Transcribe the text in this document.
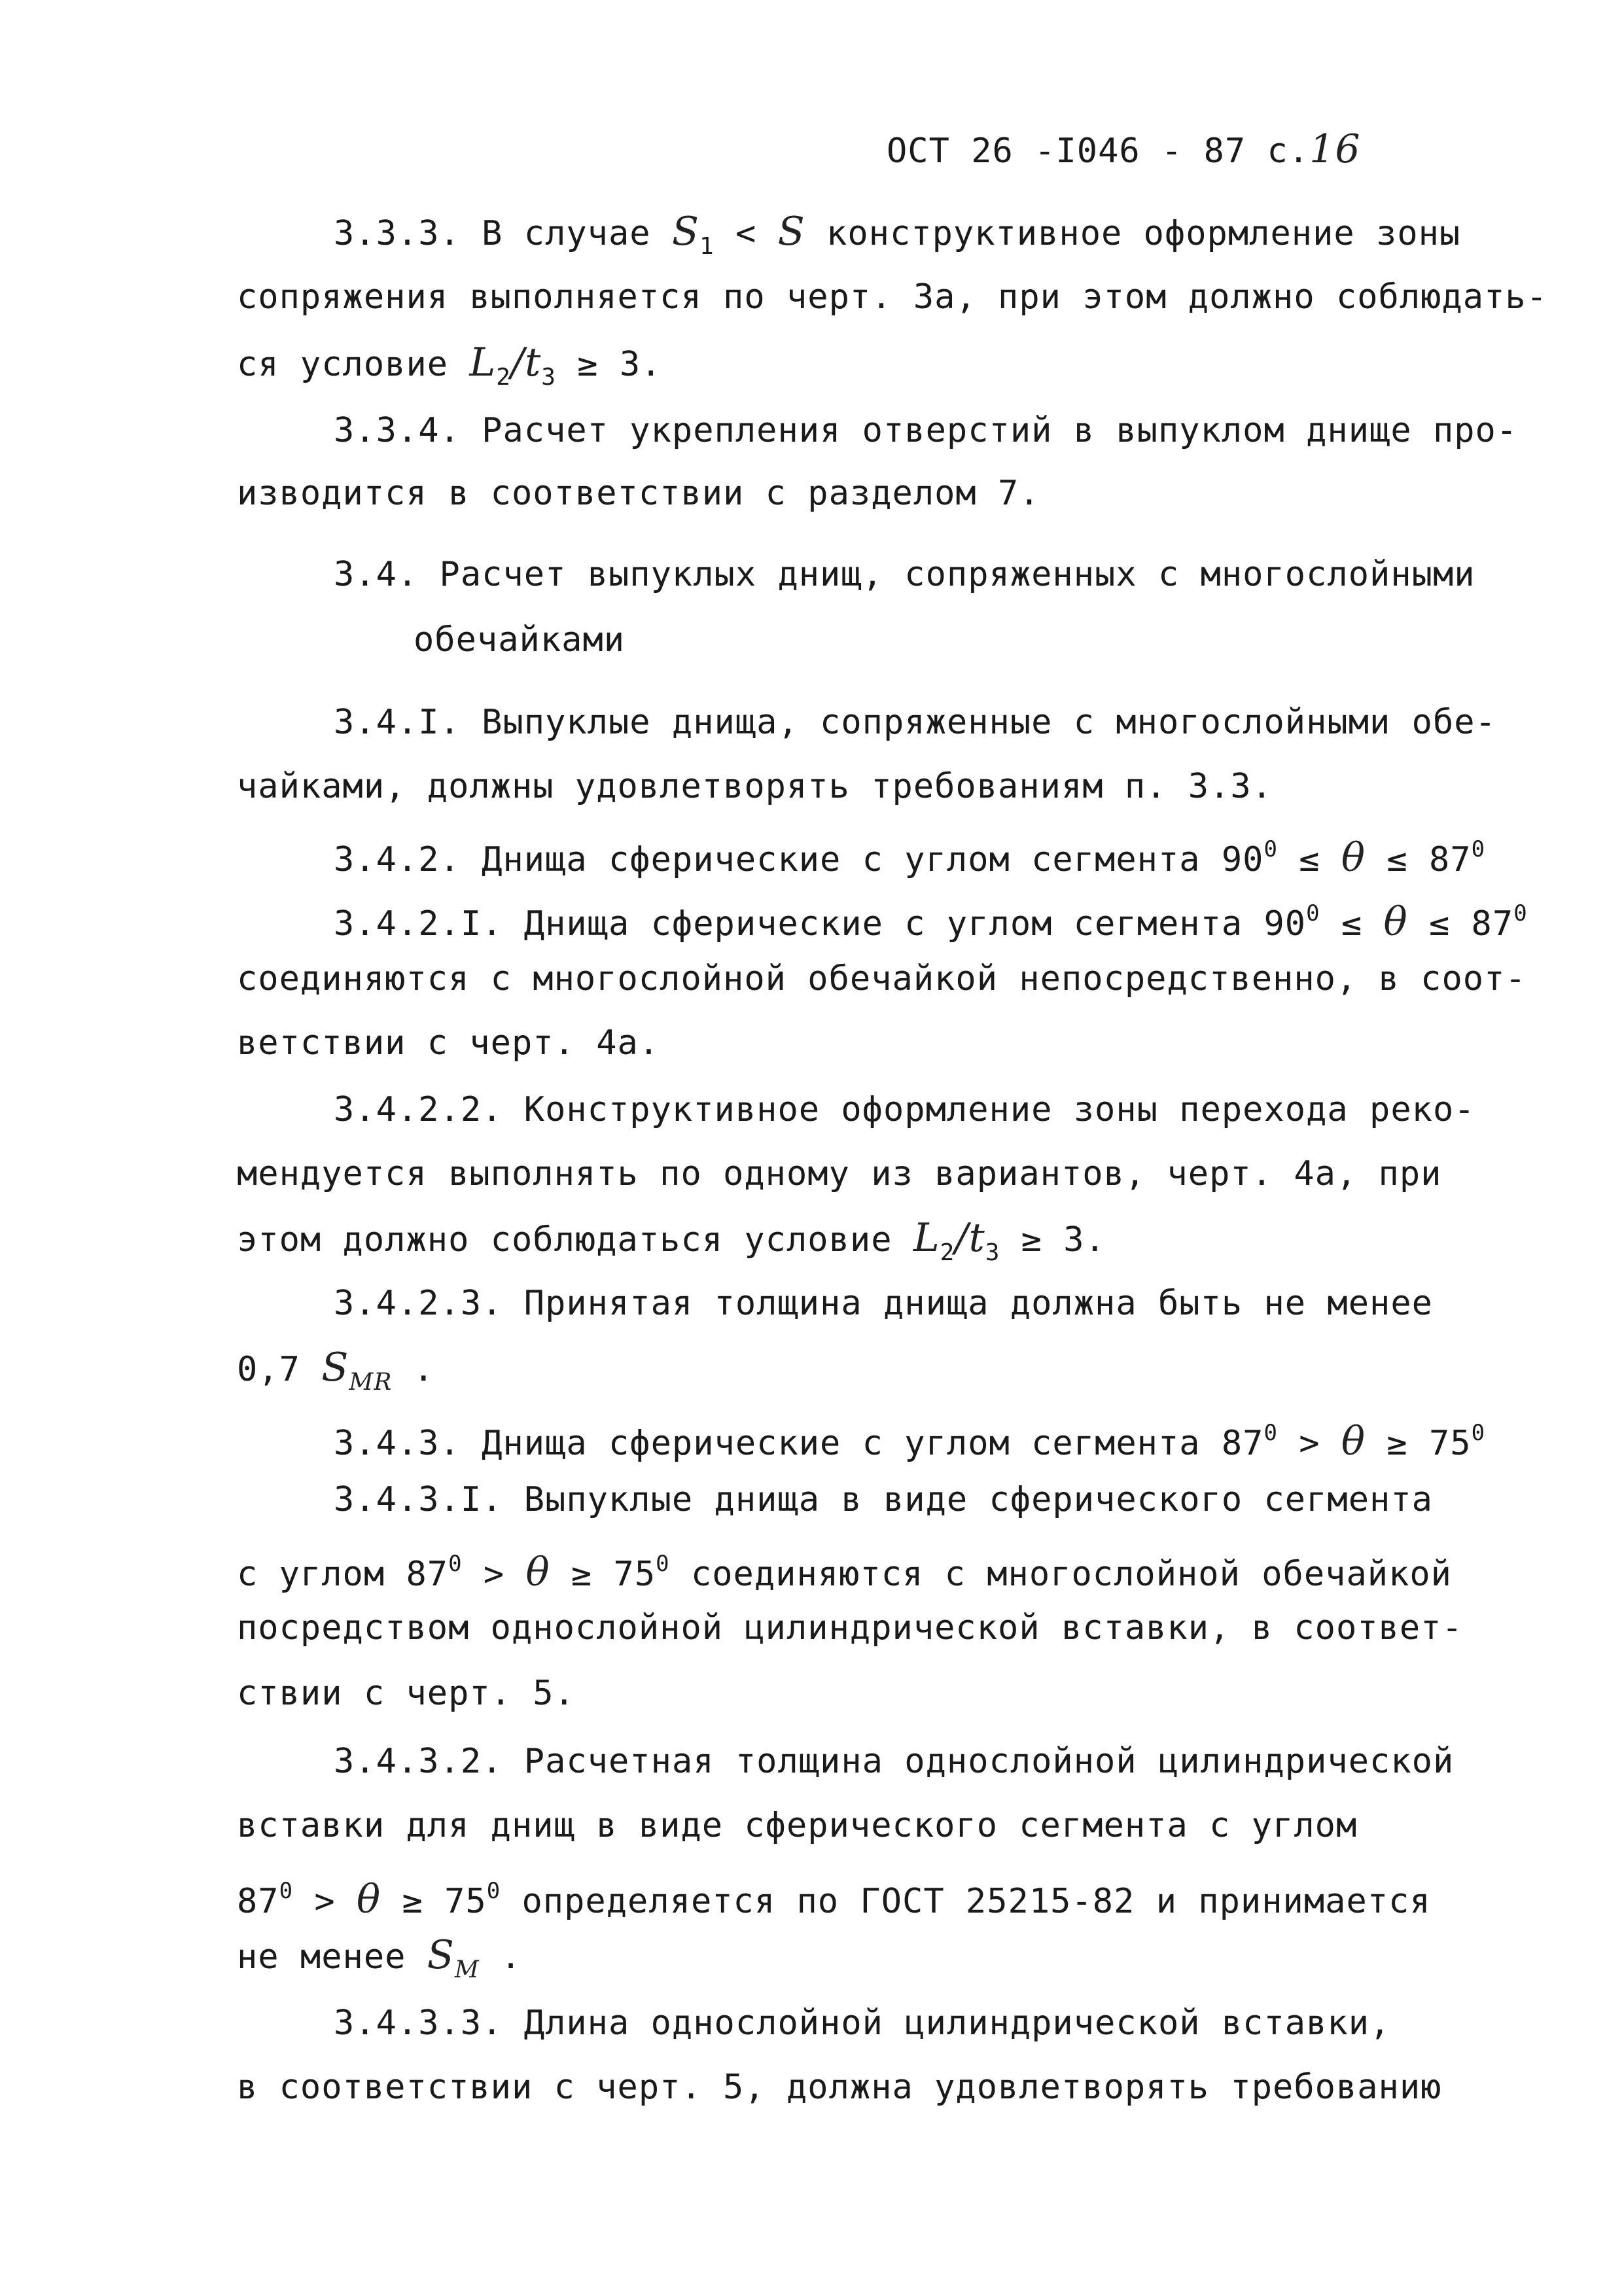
ОСТ 26 -I046 - 87 с.16
3.3.3. В случае $S_1 < S$ конструктивное оформление зоны
сопряжения выполняется по черт. 3а, при этом должно соблюдать-
ся условие $L_2/t_3 \ge 3$.
3.3.4. Расчет укрепления отверстий в выпуклом днище про-
изводится в соответствии с разделом 7.
3.4. Расчет выпуклых днищ, сопряженных с многослойными
обечайками
3.4.I. Выпуклые днища, сопряженные с многослойными обе-
чайками, должны удовлетворять требованиям п. 3.3.
3.4.2. Днища сферические с углом сегмента $90^0 \le \theta \le 87^0$
3.4.2.I. Днища сферические с углом сегмента $90^0 \le \theta \le 87^0$
соединяются с многослойной обечайкой непосредственно, в соот-
ветствии с черт. 4а.
3.4.2.2. Конструктивное оформление зоны перехода реко-
мендуется выполнять по одному из вариантов, черт. 4а, при
этом должно соблюдаться условие $L_2/t_3 \ge 3$.
3.4.2.3. Принятая толщина днища должна быть не менее
0,7 $S_{MR}$ .
3.4.3. Днища сферические с углом сегмента $87^0 > \theta \ge 75^0$
3.4.3.I. Выпуклые днища в виде сферического сегмента
с углом $87^0 > \theta \ge 75^0$ соединяются с многослойной обечайкой
посредством однослойной цилиндрической вставки, в соответ-
ствии с черт. 5.
3.4.3.2. Расчетная толщина однослойной цилиндрической
вставки для днищ в виде сферического сегмента с углом
$87^0 > \theta \ge 75^0$ определяется по ГОСТ 25215-82 и принимается
не менее $S_M$ .
3.4.3.3. Длина однослойной цилиндрической вставки,
в соответствии с черт. 5, должна удовлетворять требованию
